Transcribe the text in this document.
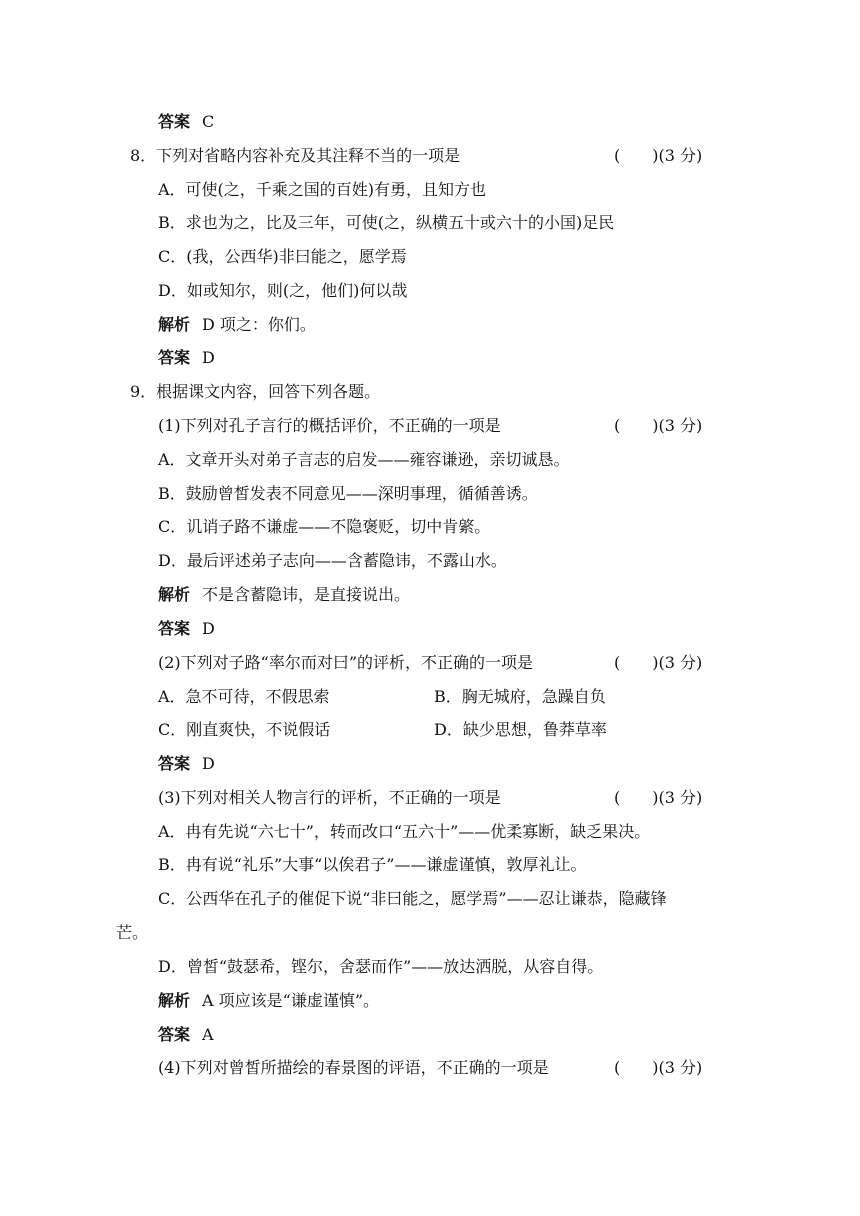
答案 C
8．下列对省略内容补充及其注释不当的一项是	(　　)(3 分)
A．可使(之，千乘之国的百姓)有勇，且知方也
B．求也为之，比及三年，可使(之，纵横五十或六十的小国)足民
C．(我，公西华)非曰能之，愿学焉
D．如或知尔，则(之，他们)何以哉
解析 D 项之：你们。
答案 D
9．根据课文内容，回答下列各题。
(1)下列对孔子言行的概括评价，不正确的一项是	(　　)(3 分)
A．文章开头对弟子言志的启发——雍容谦逊，亲切诚恳。
B．鼓励曾皙发表不同意见——深明事理，循循善诱。
C．讥诮子路不谦虚——不隐褒贬，切中肯綮。
D．最后评述弟子志向——含蓄隐讳，不露山水。
解析 不是含蓄隐讳，是直接说出。
答案 D
(2)下列对子路“率尔而对曰”的评析，不正确的一项是	(　　)(3 分)
A．急不可待，不假思索	B．胸无城府，急躁自负
C．刚直爽快，不说假话	D．缺少思想，鲁莽草率
答案 D
(3)下列对相关人物言行的评析，不正确的一项是	(　　)(3 分)
A．冉有先说“六七十”，转而改口“五六十”——优柔寡断，缺乏果决。
B．冉有说“礼乐”大事“以俟君子”——谦虚谨慎，敦厚礼让。
C．公西华在孔子的催促下说“非曰能之，愿学焉”——忍让谦恭，隐藏锋
芒。
D．曾皙“鼓瑟希，铿尔，舍瑟而作”——放达洒脱，从容自得。
解析 A 项应该是“谦虚谨慎”。
答案 A
(4)下列对曾皙所描绘的春景图的评语，不正确的一项是	(　　)(3 分)
